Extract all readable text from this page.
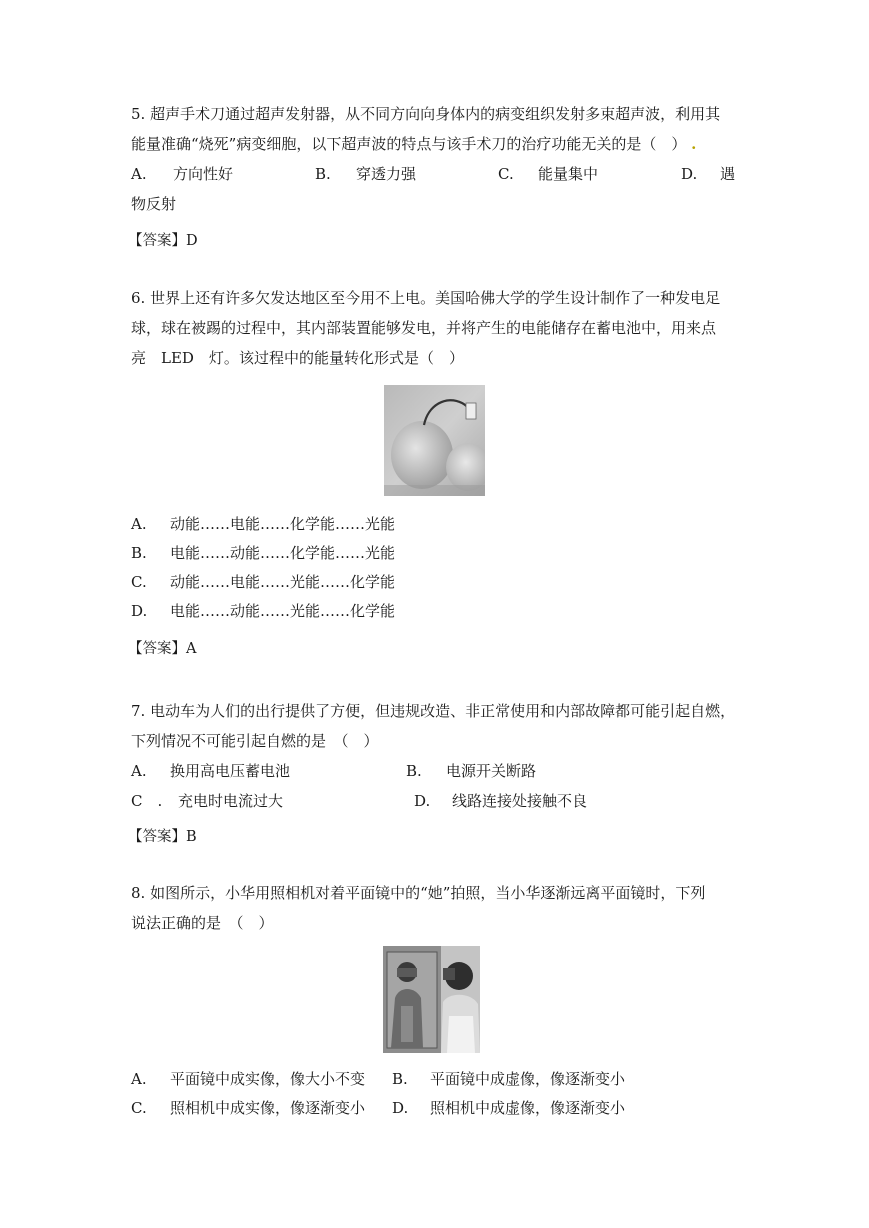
5. 超声手术刀通过超声发射器，从不同方向向身体内的病变组织发射多束超声波，利用其
能量准确“烧死”病变细胞，以下超声波的特点与该手术刀的治疗功能无关的是（　） .
A. 方向性好	B. 穿透力强	C. 能量集中	D. 遇
物反射
【答案】D
6. 世界上还有许多欠发达地区至今用不上电。美国哈佛大学的学生设计制作了一种发电足
球，球在被踢的过程中，其内部装置能够发电，并将产生的电能储存在蓄电池中，用来点
亮　LED　灯。该过程中的能量转化形式是（　）
A. 动能……电能……化学能……光能
B. 电能……动能……化学能……光能
C. 动能……电能……光能……化学能
D. 电能……动能……光能……化学能
【答案】A
7. 电动车为人们的出行提供了方便，但违规改造、非正常使用和内部故障都可能引起自燃，
下列情况不可能引起自燃的是　（　）
A. 换用高电压蓄电池	B. 电源开关断路
C　. 充电时电流过大	D. 线路连接处接触不良
【答案】B
8. 如图所示，小华用照相机对着平面镜中的“她”拍照，当小华逐渐远离平面镜时，下列
说法正确的是　（　）
A. 平面镜中成实像，像大小不变 B. 平面镜中成虚像，像逐渐变小
C. 照相机中成实像，像逐渐变小 D. 照相机中成虚像，像逐渐变小
